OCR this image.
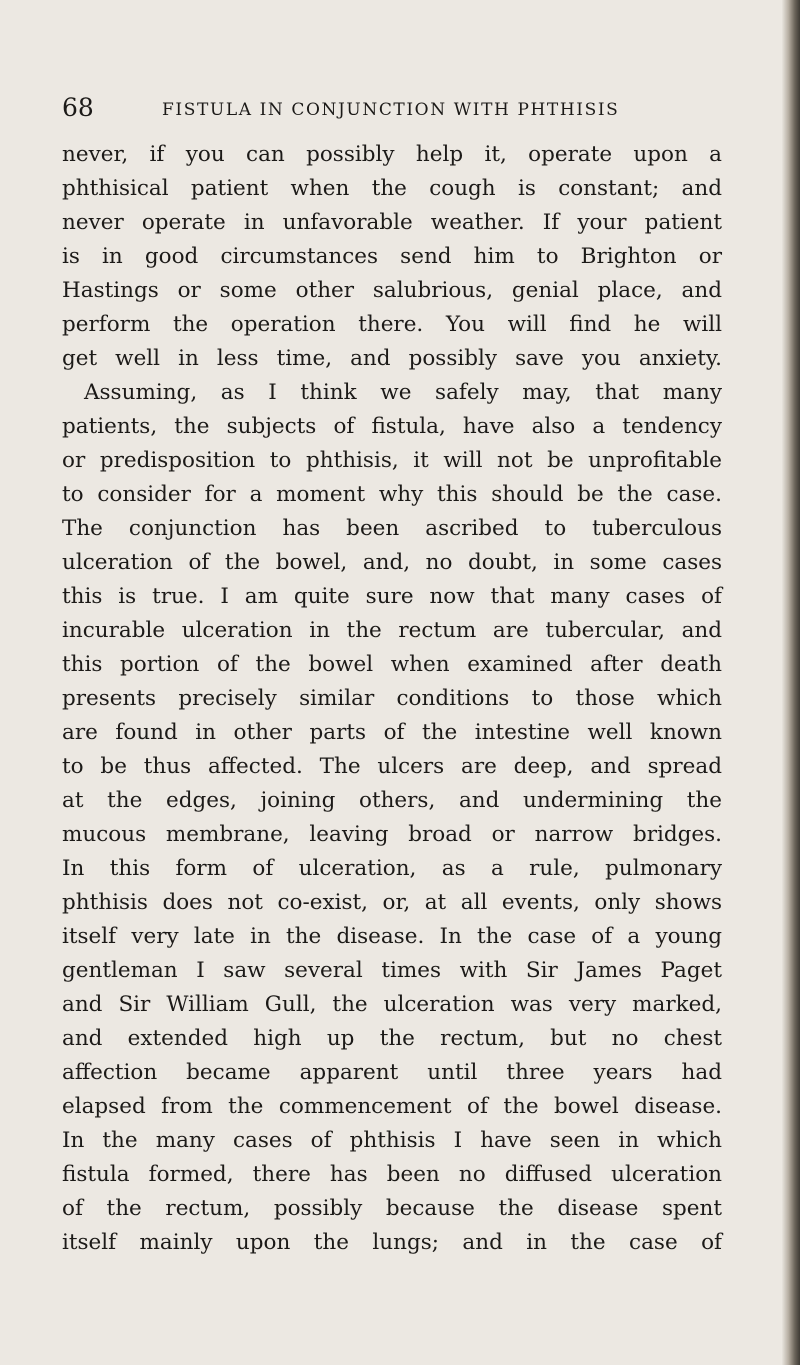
68	FISTULA IN CONJUNCTION WITH PHTHISIS

never, if you can possibly help it, operate upon a
phthisical patient when the cough is constant; and
never operate in unfavorable weather. If your patient
is in good circumstances send him to Brighton or
Hastings or some other salubrious, genial place, and
perform the operation there. You will find he will
get well in less time, and possibly save you anxiety.
Assuming, as I think we safely may, that many
patients, the subjects of fistula, have also a tendency
or predisposition to phthisis, it will not be unprofitable
to consider for a moment why this should be the case.
The conjunction has been ascribed to tuberculous
ulceration of the bowel, and, no doubt, in some cases
this is true. I am quite sure now that many cases of
incurable ulceration in the rectum are tubercular, and
this portion of the bowel when examined after death
presents precisely similar conditions to those which
are found in other parts of the intestine well known
to be thus affected. The ulcers are deep, and spread
at the edges, joining others, and undermining the
mucous membrane, leaving broad or narrow bridges.
In this form of ulceration, as a rule, pulmonary
phthisis does not co-exist, or, at all events, only shows
itself very late in the disease. In the case of a young
gentleman I saw several times with Sir James Paget
and Sir William Gull, the ulceration was very marked,
and extended high up the rectum, but no chest
affection became apparent until three years had
elapsed from the commencement of the bowel disease.
In the many cases of phthisis I have seen in which
fistula formed, there has been no diffused ulceration
of the rectum, possibly because the disease spent
itself mainly upon the lungs; and in the case of
